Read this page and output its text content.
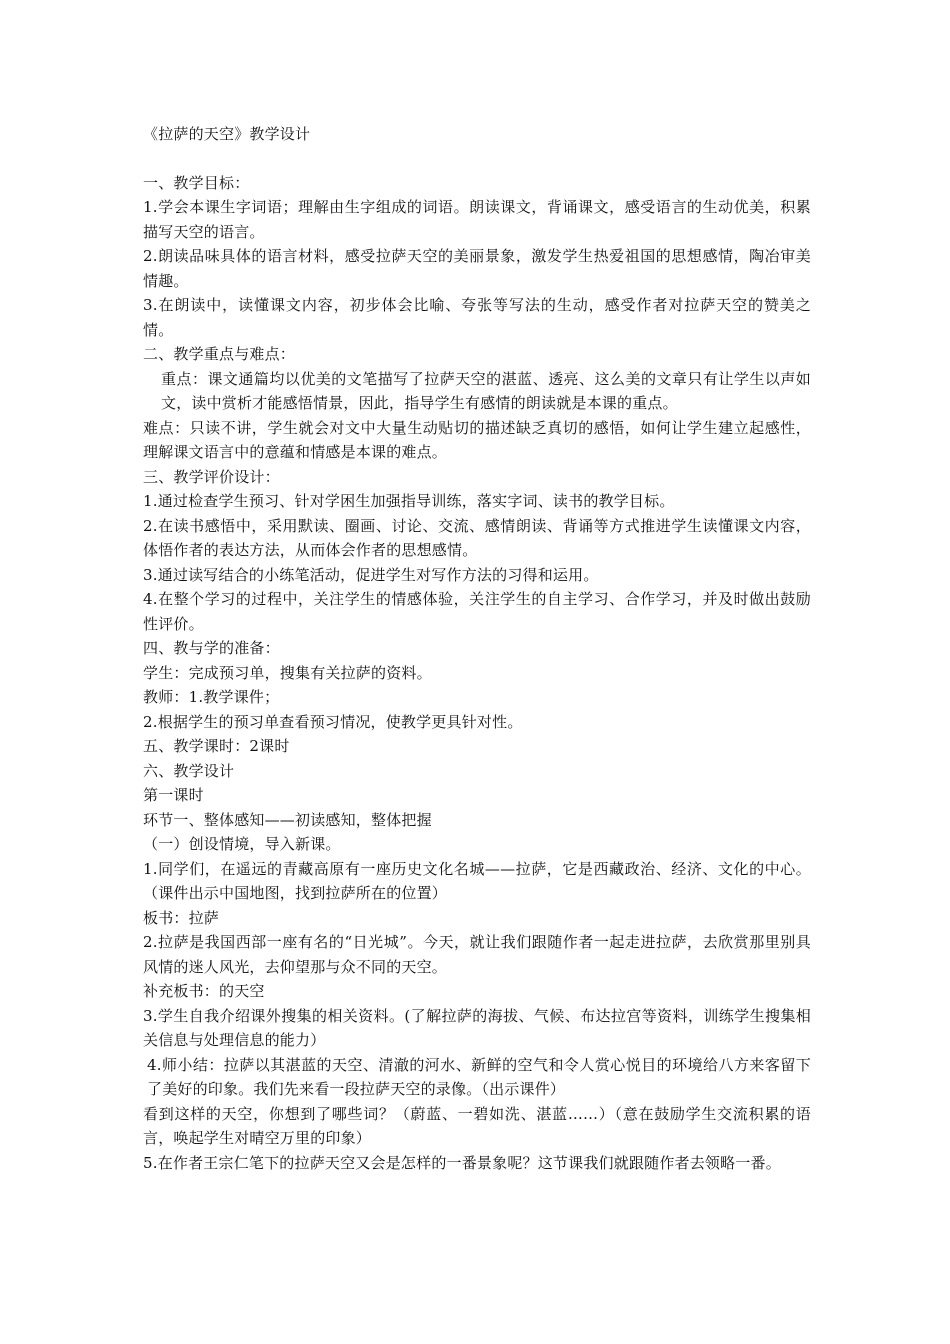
《拉萨的天空》教学设计

一、教学目标：

1.学会本课生字词语；理解由生字组成的词语。朗读课文，背诵课文，感受语言的生动优美，积累描写天空的语言。

2.朗读品味具体的语言材料，感受拉萨天空的美丽景象，激发学生热爱祖国的思想感情，陶冶审美情趣。

3.在朗读中，读懂课文内容，初步体会比喻、夸张等写法的生动，感受作者对拉萨天空的赞美之情。

二、教学重点与难点：

重点：课文通篇均以优美的文笔描写了拉萨天空的湛蓝、透亮、这么美的文章只有让学生以声如文，读中赏析才能感悟情景，因此，指导学生有感情的朗读就是本课的重点。

难点：只读不讲，学生就会对文中大量生动贴切的描述缺乏真切的感悟，如何让学生建立起感性，理解课文语言中的意蕴和情感是本课的难点。

三、教学评价设计：

1.通过检查学生预习、针对学困生加强指导训练，落实字词、读书的教学目标。

2.在读书感悟中，采用默读、圈画、讨论、交流、感情朗读、背诵等方式推进学生读懂课文内容，体悟作者的表达方法，从而体会作者的思想感情。

3.通过读写结合的小练笔活动，促进学生对写作方法的习得和运用。

4.在整个学习的过程中，关注学生的情感体验，关注学生的自主学习、合作学习，并及时做出鼓励性评价。

四、教与学的准备：

学生：完成预习单，搜集有关拉萨的资料。

教师：1.教学课件；

2.根据学生的预习单查看预习情况，使教学更具针对性。

五、教学课时：2课时

六、教学设计

第一课时

环节一、整体感知——初读感知，整体把握

（一）创设情境，导入新课。

1.同学们，在遥远的青藏高原有一座历史文化名城——拉萨，它是西藏政治、经济、文化的中心。（课件出示中国地图，找到拉萨所在的位置）

板书：拉萨

2.拉萨是我国西部一座有名的“日光城”。今天，就让我们跟随作者一起走进拉萨，去欣赏那里别具风情的迷人风光，去仰望那与众不同的天空。

补充板书：的天空

3.学生自我介绍课外搜集的相关资料。(了解拉萨的海拔、气候、布达拉宫等资料，训练学生搜集相关信息与处理信息的能力）

4.师小结：拉萨以其湛蓝的天空、清澈的河水、新鲜的空气和令人赏心悦目的环境给八方来客留下了美好的印象。我们先来看一段拉萨天空的录像。（出示课件）

看到这样的天空，你想到了哪些词？（蔚蓝、一碧如洗、湛蓝……）（意在鼓励学生交流积累的语言，唤起学生对晴空万里的印象）

5.在作者王宗仁笔下的拉萨天空又会是怎样的一番景象呢？这节课我们就跟随作者去领略一番。
